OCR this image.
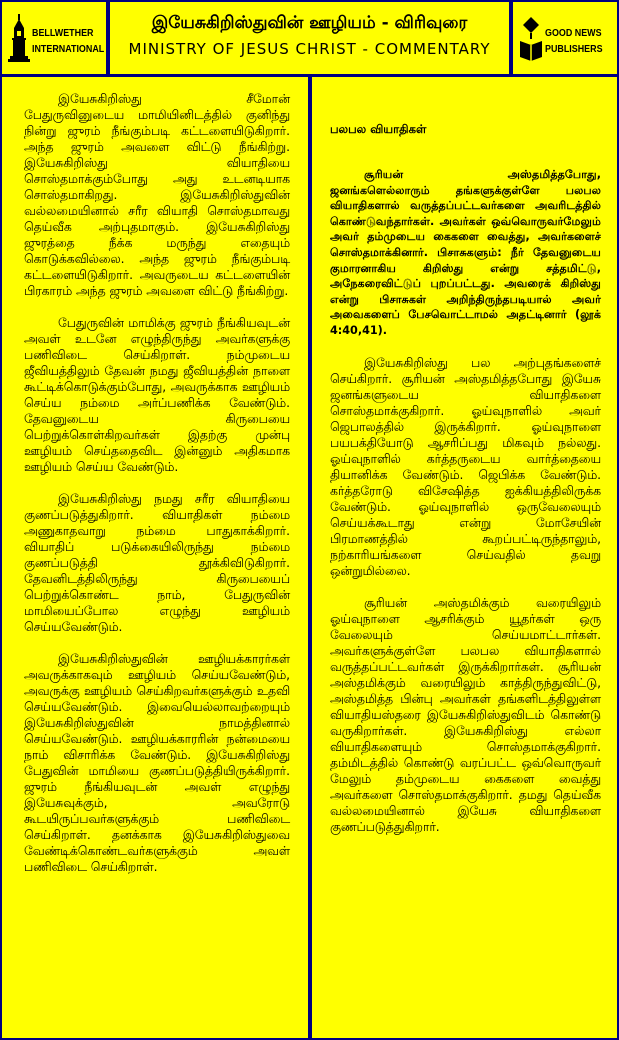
BELLWETHER
INTERNATIONAL
இயேசுகிறிஸ்துவின் ஊழியம் - விரிவுரை
MINISTRY OF JESUS CHRIST - COMMENTARY
GOOD NEWS
PUBLISHERS

இயேசுகிறிஸ்து சீமோன் பேதுருவினுடைய மாமியினிடத்தில் குனிந்து நின்று ஜுரம் நீங்கும்படி கட்டளையிடுகிறார். அந்த ஜுரம் அவளை விட்டு நீங்கிற்று. இயேசுகிறிஸ்து வியாதியை சொஸ்தமாக்கும்போது அது உடனடியாக சொஸ்தமாகிறது. இயேசுகிறிஸ்துவின் வல்லமையினால் சரீர வியாதி சொஸ்தமாவது தெய்வீக அற்புதமாகும். இயேசுகிறிஸ்து ஜுரத்தை நீக்க மருந்து எதையும் கொடுக்கவில்லை. அந்த ஜுரம் நீங்கும்படி கட்டளையிடுகிறார். அவருடைய கட்டளையின் பிரகாரம் அந்த ஜுரம் அவளை விட்டு நீங்கிற்று.

பேதுருவின் மாமிக்கு ஜுரம் நீங்கியவுடன் அவள் உடனே எழுந்திருந்து அவர்களுக்கு பணிவிடை செய்கிறாள். நம்முடைய ஜீவியத்திலும் தேவன் நமது ஜீவியத்தின் நாளை கூட்டிக்கொடுக்கும்போது, அவருக்காக ஊழியம் செய்ய நம்மை அர்ப்பணிக்க வேண்டும். தேவனுடைய கிருபையை பெற்றுக்கொள்கிறவர்கள் இதற்கு முன்பு ஊழியம் செய்ததைவிட இன்னும் அதிகமாக ஊழியம் செய்ய வேண்டும்.

இயேசுகிறிஸ்து நமது சரீர வியாதியை குணப்படுத்துகிறார். வியாதிகள் நம்மை அணுகாதவாறு நம்மை பாதுகாக்கிறார். வியாதிப் படுக்கையிலிருந்து நம்மை குணப்படுத்தி தூக்கிவிடுகிறார். தேவனிடத்திலிருந்து கிருபையைப் பெற்றுக்கொண்ட நாம், பேதுருவின் மாமியைப்போல எழுந்து ஊழியம் செய்யவேண்டும்.

இயேசுகிறிஸ்துவின் ஊழியக்காரர்கள் அவருக்காகவும் ஊழியம் செய்யவேண்டும், அவருக்கு ஊழியம் செய்கிறவர்களுக்கும் உதவி செய்யவேண்டும். இவையெல்லாவற்றையும் இயேசுகிறிஸ்துவின் நாமத்தினால் செய்யவேண்டும். ஊழியக்காரரின் நன்மையை நாம் விசாரிக்க வேண்டும். இயேசுகிறிஸ்து பேதுவின் மாமியை குணப்படுத்தியிருக்கிறார். ஜுரம் நீங்கியவுடன் அவள் எழுந்து இயேசுவுக்கும், அவரோடு கூடயிருப்பவர்களுக்கும் பணிவிடை செய்கிறாள். தனக்காக இயேசுகிறிஸ்துவை வேண்டிக்கொண்டவர்களுக்கும் அவள் பணிவிடை செய்கிறாள்.

பலபல வியாதிகள்

சூரியன் அஸ்தமித்தபோது, ஜனங்களெல்லாரும் தங்களுக்குள்ளே பலபல வியாதிகளால் வருத்தப்பட்டவர்களை அவரிடத்தில் கொண்டுவந்தார்கள். அவர்கள் ஒவ்வொருவர்மேலும் அவர் தம்முடைய கைகளை வைத்து, அவர்களைச் சொஸ்தமாக்கினார். பிசாசுகளும்: நீர் தேவனுடைய குமாரனாகிய கிறிஸ்து என்று சத்தமிட்டு, அநேகரைவிட்டுப் புறப்பட்டது. அவரைக் கிறிஸ்து என்று பிசாசுகள் அறிந்திருந்தபடியால் அவர் அவைகளைப் பேசவொட்டாமல் அதட்டினார் (லூக் 4:40,41).

இயேசுகிறிஸ்து பல அற்புதங்களைச் செய்கிறார். சூரியன் அஸ்தமித்தபோது இயேசு ஜனங்களுடைய வியாதிகளை சொஸ்தமாக்குகிறார். ஓய்வுநாளில் அவர் ஜெபாலத்தில் இருக்கிறார். ஓய்வுநாளை பயபக்தியோடு ஆசரிப்பது மிகவும் நல்லது. ஓய்வுநாளில் கர்த்தருடைய வார்த்தையை தியானிக்க வேண்டும். ஜெபிக்க வேண்டும். கர்த்தரோடு விசேஷித்த ஐக்கியத்திலிருக்க வேண்டும். ஓய்வுநாளில் ஒருவேலையும் செய்யக்கூடாது என்று மோசேயின் பிரமாணத்தில் கூறப்பட்டிருந்தாலும், நற்காரியங்களை செய்வதில் தவறு ஒன்றுமில்லை.

சூரியன் அஸ்தமிக்கும் வரையிலும் ஓய்வுநாளை ஆசரிக்கும் யூதர்கள் ஒரு வேலையும் செய்யமாட்டார்கள். அவர்களுக்குள்ளே பலபல வியாதிகளால் வருத்தப்பட்டவர்கள் இருக்கிறார்கள். சூரியன் அஸ்தமிக்கும் வரையிலும் காத்திருந்துவிட்டு, அஸ்தமித்த பின்பு அவர்கள் தங்களிடத்திலுள்ள வியாதியஸ்தரை இயேசுகிறிஸ்துவிடம் கொண்டு வருகிறார்கள். இயேசுகிறிஸ்து எல்லா வியாதிகளையும் சொஸ்தமாக்குகிறார். தம்மிடத்தில் கொண்டு வரப்பட்ட ஒவ்வொருவர் மேலும் தம்முடைய கைகளை வைத்து அவர்களை சொஸ்தமாக்குகிறார். தமது தெய்வீக வல்லமையினால் இயேசு வியாதிகளை குணப்படுத்துகிறார்.
